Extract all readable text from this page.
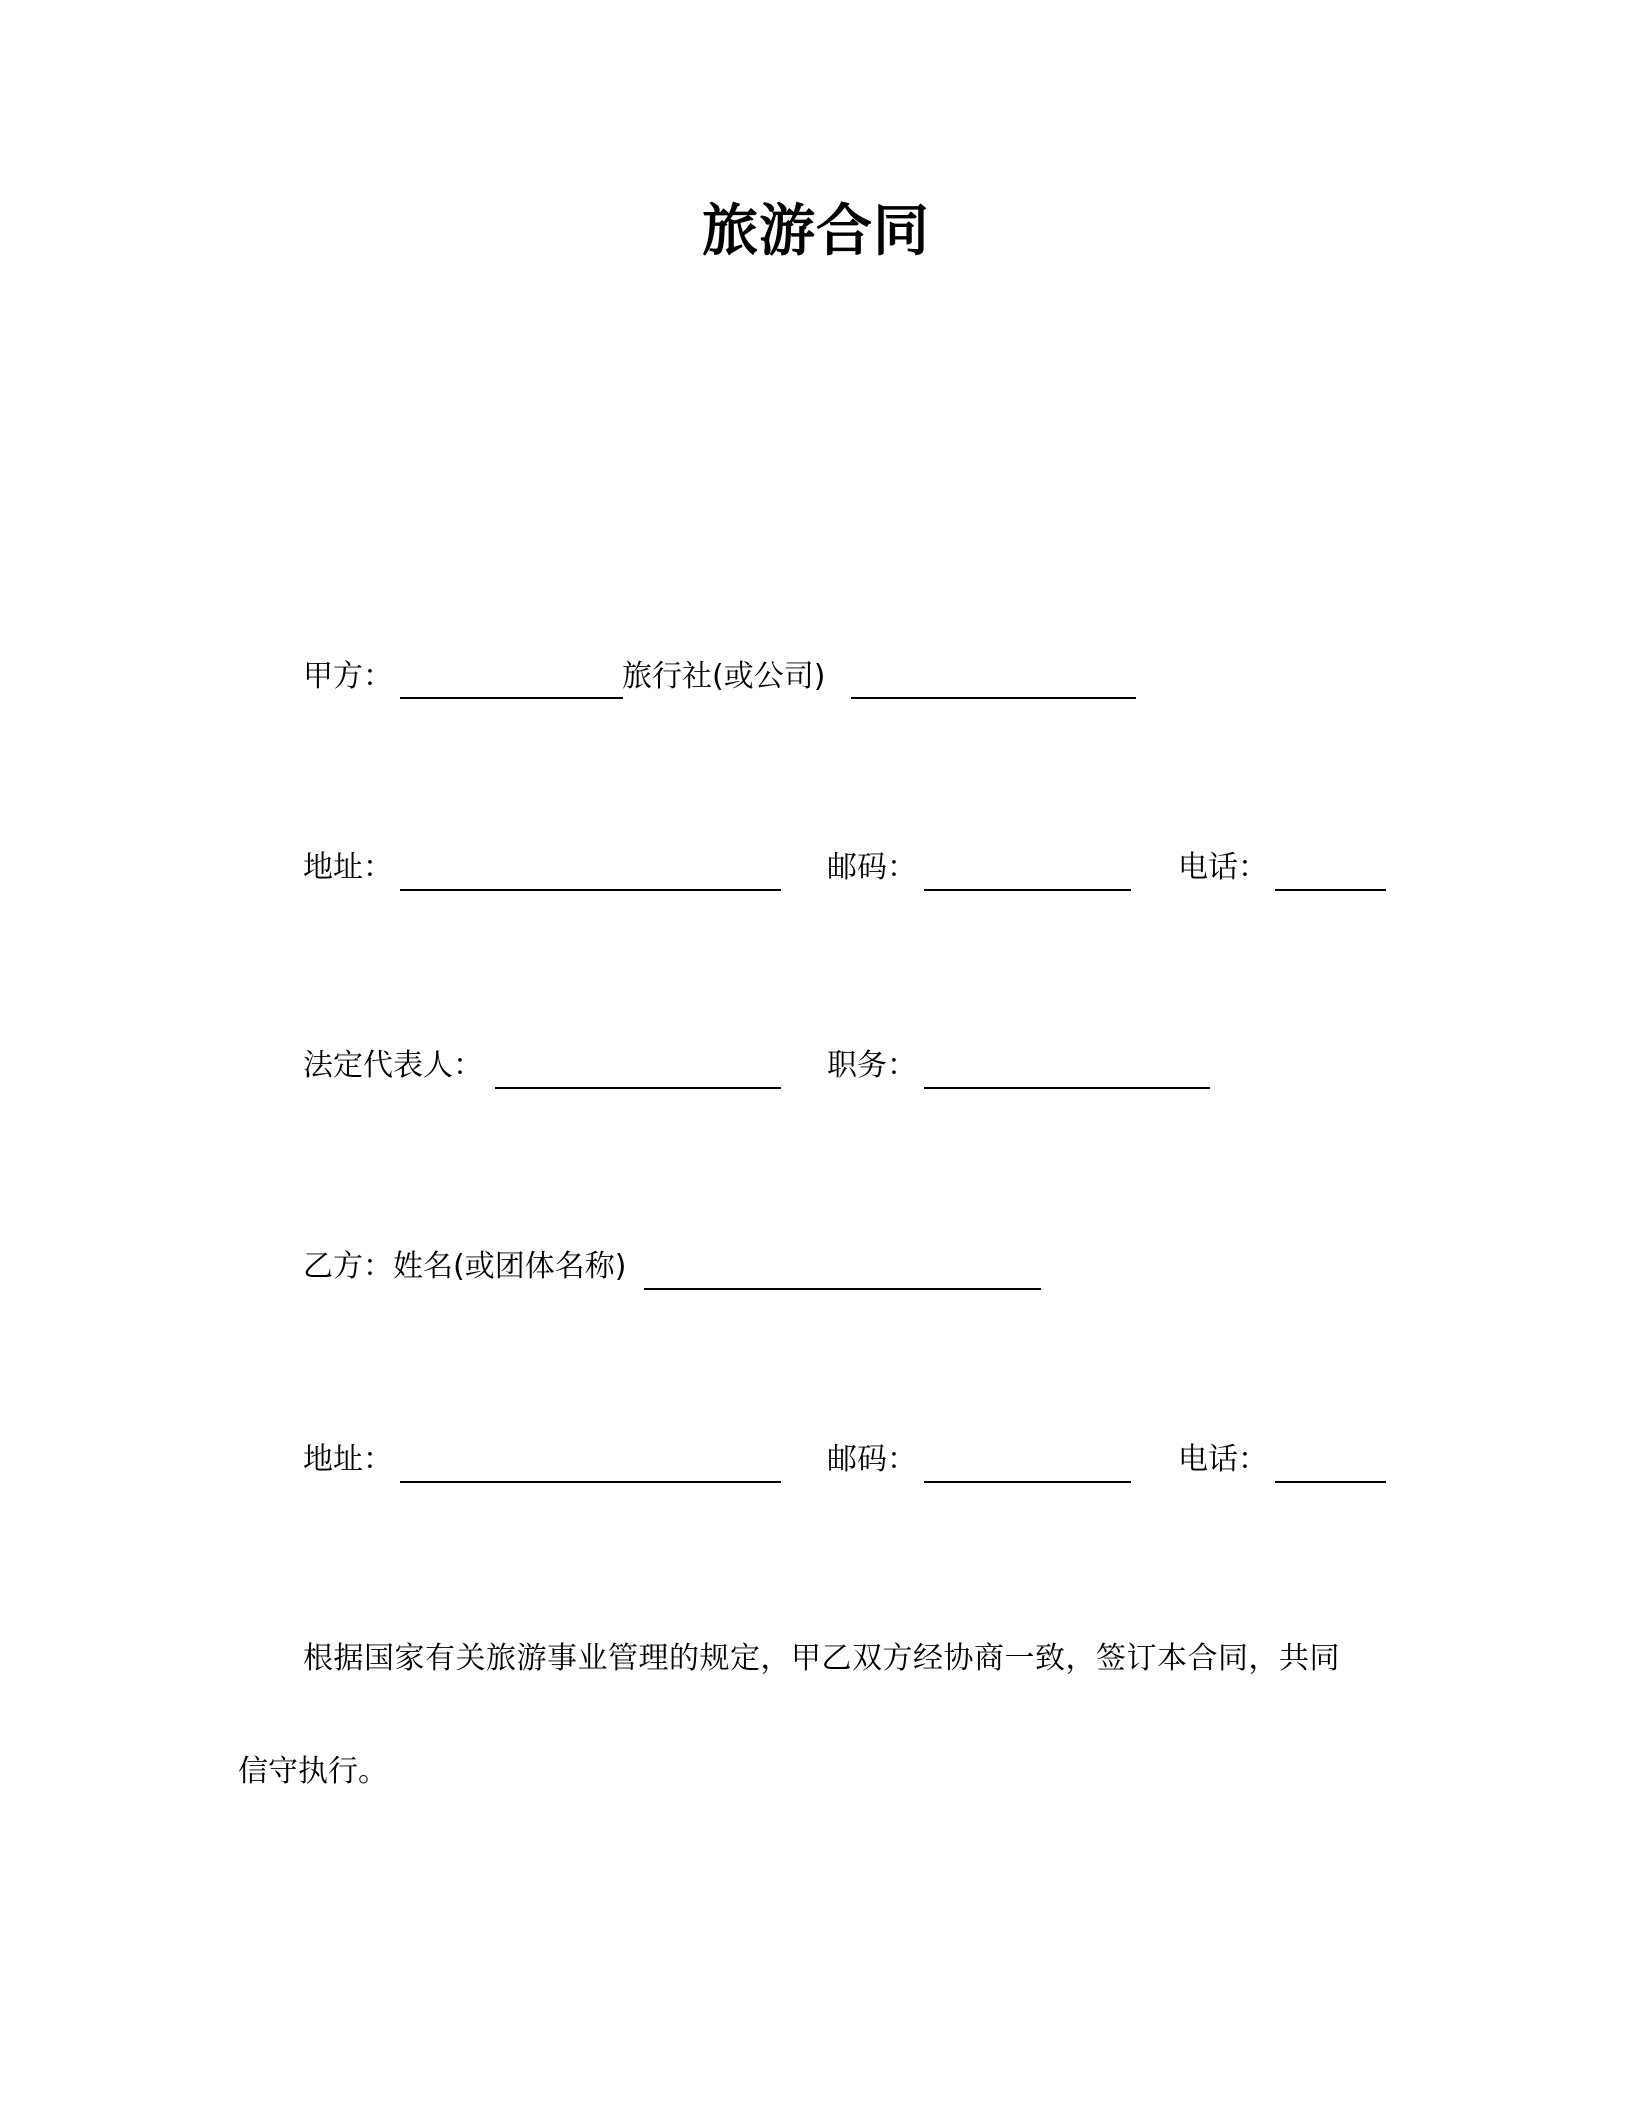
旅游合同
甲方：	旅行社(或公司)
地址：	邮码：	电话：
法定代表人：	职务：
乙方：姓名(或团体名称)
地址：	邮码：	电话：
根据国家有关旅游事业管理的规定，甲乙双方经协商一致，签订本合同，共同
信守执行。
